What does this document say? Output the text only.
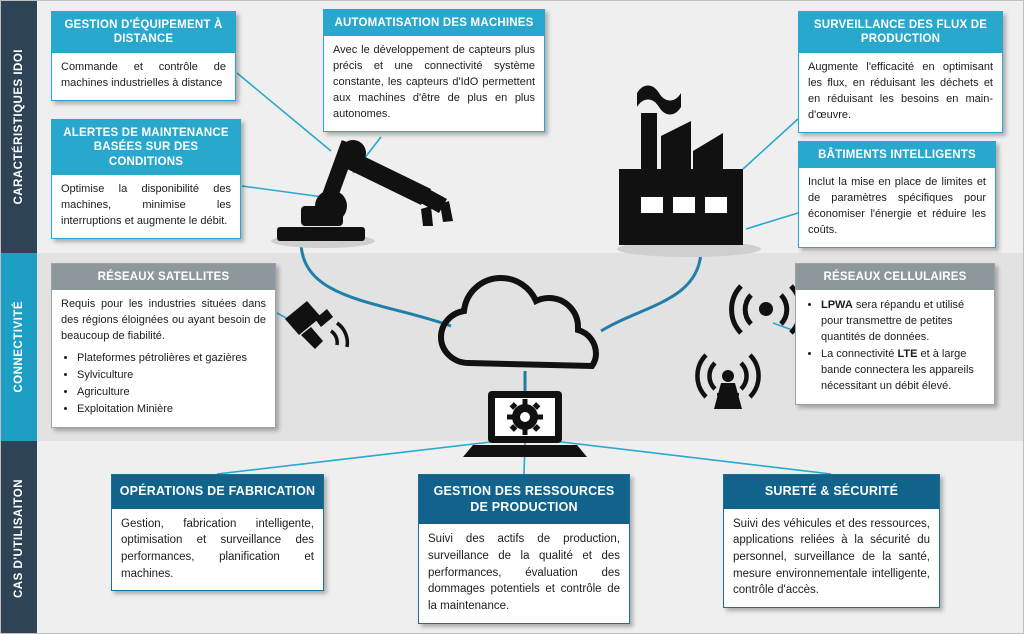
CARACTÉRISTIQUES IDOI
CONNECTIVITÉ
CAS D'UTILISAITON
GESTION D'ÉQUIPEMENT À DISTANCE
Commande et contrôle de machines industrielles à distance
ALERTES DE MAINTENANCE BASÉES SUR DES CONDITIONS
Optimise la disponibilité des machines, minimise les interruptions et augmente le débit.
AUTOMATISATION DES MACHINES
Avec le développement de capteurs plus précis et une connectivité système constante, les capteurs d'IdO permettent aux machines d'être de plus en plus autonomes.
SURVEILLANCE DES FLUX DE PRODUCTION
Augmente l'efficacité en optimisant les flux, en réduisant les déchets et en réduisant les besoins en main-d'œuvre.
BÂTIMENTS INTELLIGENTS
Inclut la mise en place de limites et de paramètres spécifiques pour économiser l'énergie et réduire les coûts.
RÉSEAUX SATELLITES
Requis pour les industries situées dans des régions éloignées ou ayant besoin de beaucoup de fiabilité.
• Plateformes pétrolières et gazières
• Sylviculture
• Agriculture
• Exploitation Minière
RÉSEAUX CELLULAIRES
• LPWA sera répandu et utilisé pour transmettre de petites quantités de données.
• La connectivité LTE et à large bande connectera les appareils nécessitant un débit élevé.
OPÉRATIONS DE FABRICATION
Gestion, fabrication intelligente, optimisation et surveillance des performances, planification et machines.
GESTION DES RESSOURCES DE PRODUCTION
Suivi des actifs de production, surveillance de la qualité et des performances, évaluation des dommages potentiels et contrôle de la maintenance.
SURETÉ & SÉCURITÉ
Suivi des véhicules et des ressources, applications reliées à la sécurité du personnel, surveillance de la santé, mesure environnementale intelligente, contrôle d'accès.
